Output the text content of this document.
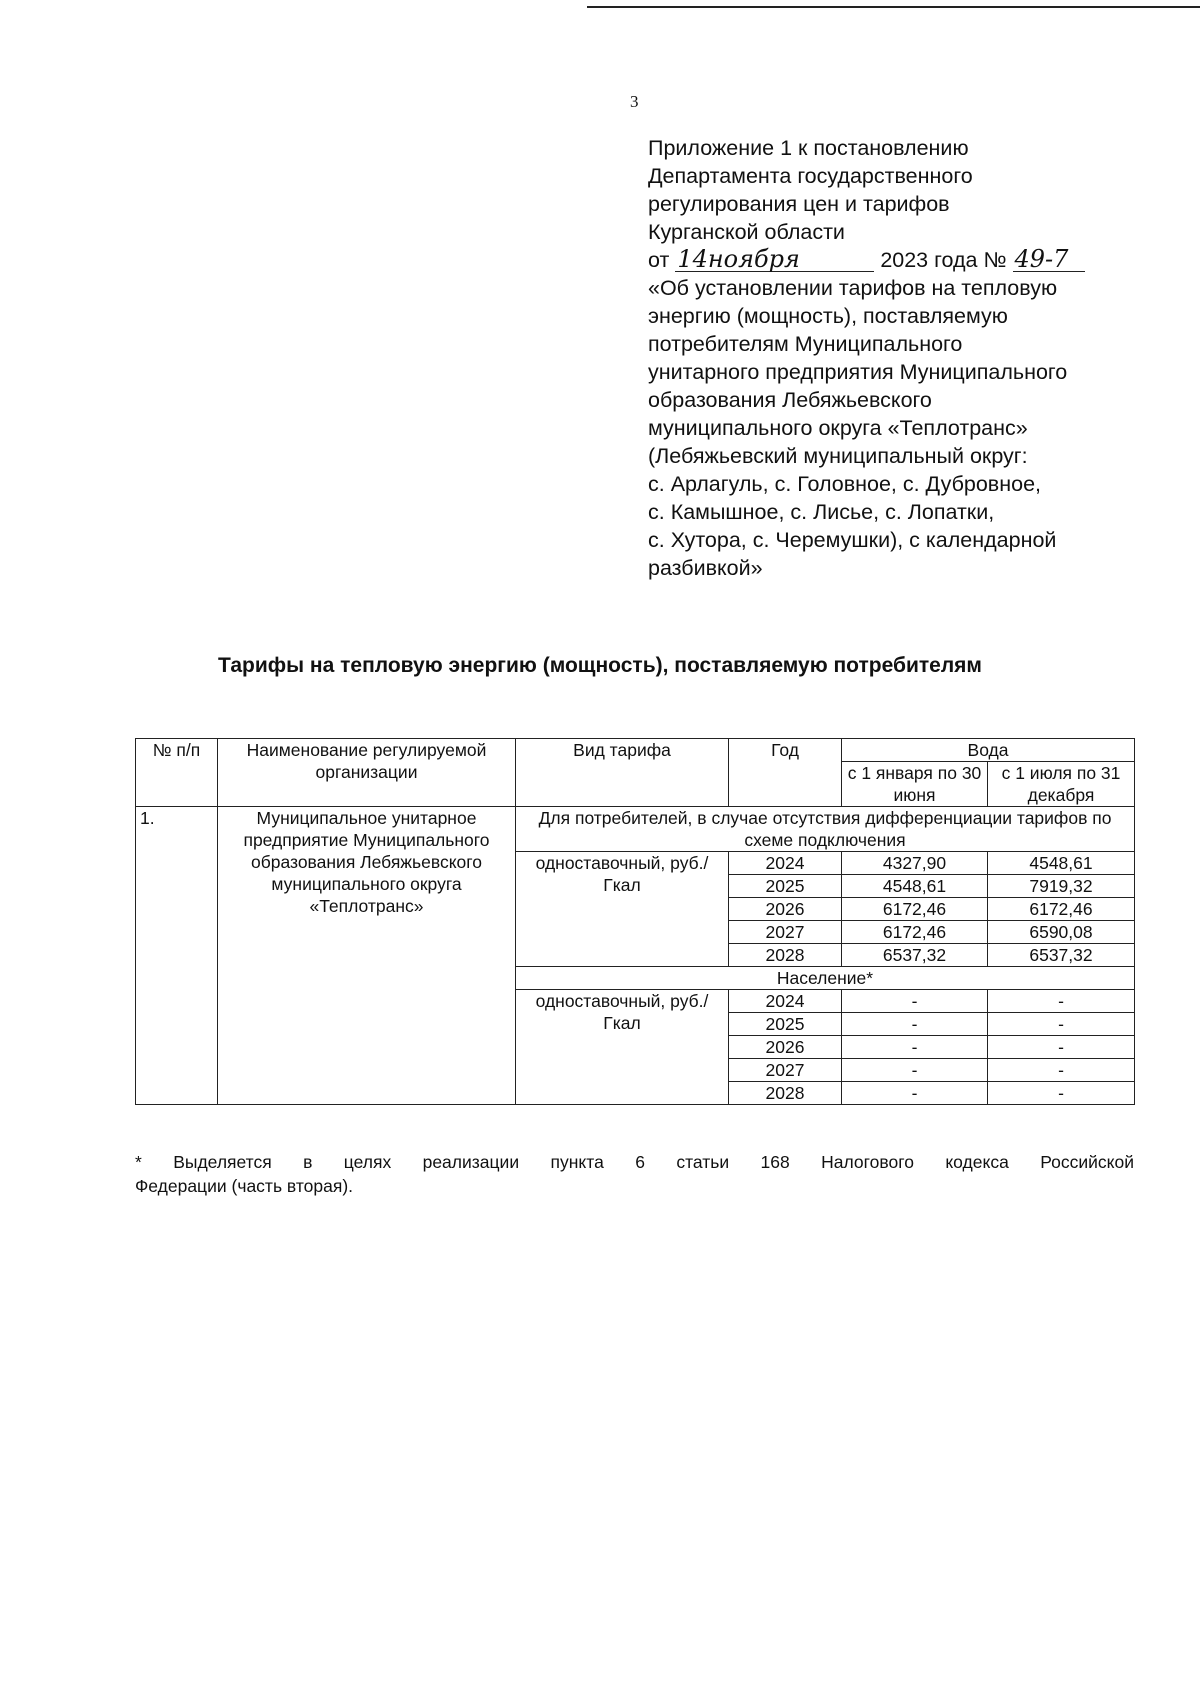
3
Приложение 1 к постановлению
Департамента государственного
регулирования цен и тарифов
Курганской области
от 14ноября	2023 года № 49-7
«Об установлении тарифов на тепловую
энергию (мощность), поставляемую
потребителям Муниципального
унитарного предприятия Муниципального
образования Лебяжьевского
муниципального округа «Теплотранс»
(Лебяжьевский муниципальный округ:
с. Арлагуль, с. Головное, с. Дубровное,
с. Камышное, с. Лисье, с. Лопатки,
с. Хутора, с. Черемушки), с календарной
разбивкой»
Тарифы на тепловую энергию (мощность), поставляемую потребителям
№ п/п	Наименование регулируемой организации	Вид тарифа	Год	Вода	
				с 1 января по 30 июня	с 1 июля по 31 декабря
1.	Муниципальное унитарное предприятие Муниципального образования Лебяжьевского муниципального округа «Теплотранс»	Для потребителей, в случае отсутствия дифференциации тарифов по схеме подключения			
		одноставочный, руб./Гкал	2024	4327,90	4548,61
			2025	4548,61	7919,32
			2026	6172,46	6172,46
			2027	6172,46	6590,08
			2028	6537,32	6537,32
		Население*			
		одноставочный, руб./Гкал	2024	-	-
			2025	-	-
			2026	-	-
			2027	-	-
			2028	-	-
* Выделяется в целях реализации пункта 6 статьи 168 Налогового кодекса Российской
Федерации (часть вторая).
